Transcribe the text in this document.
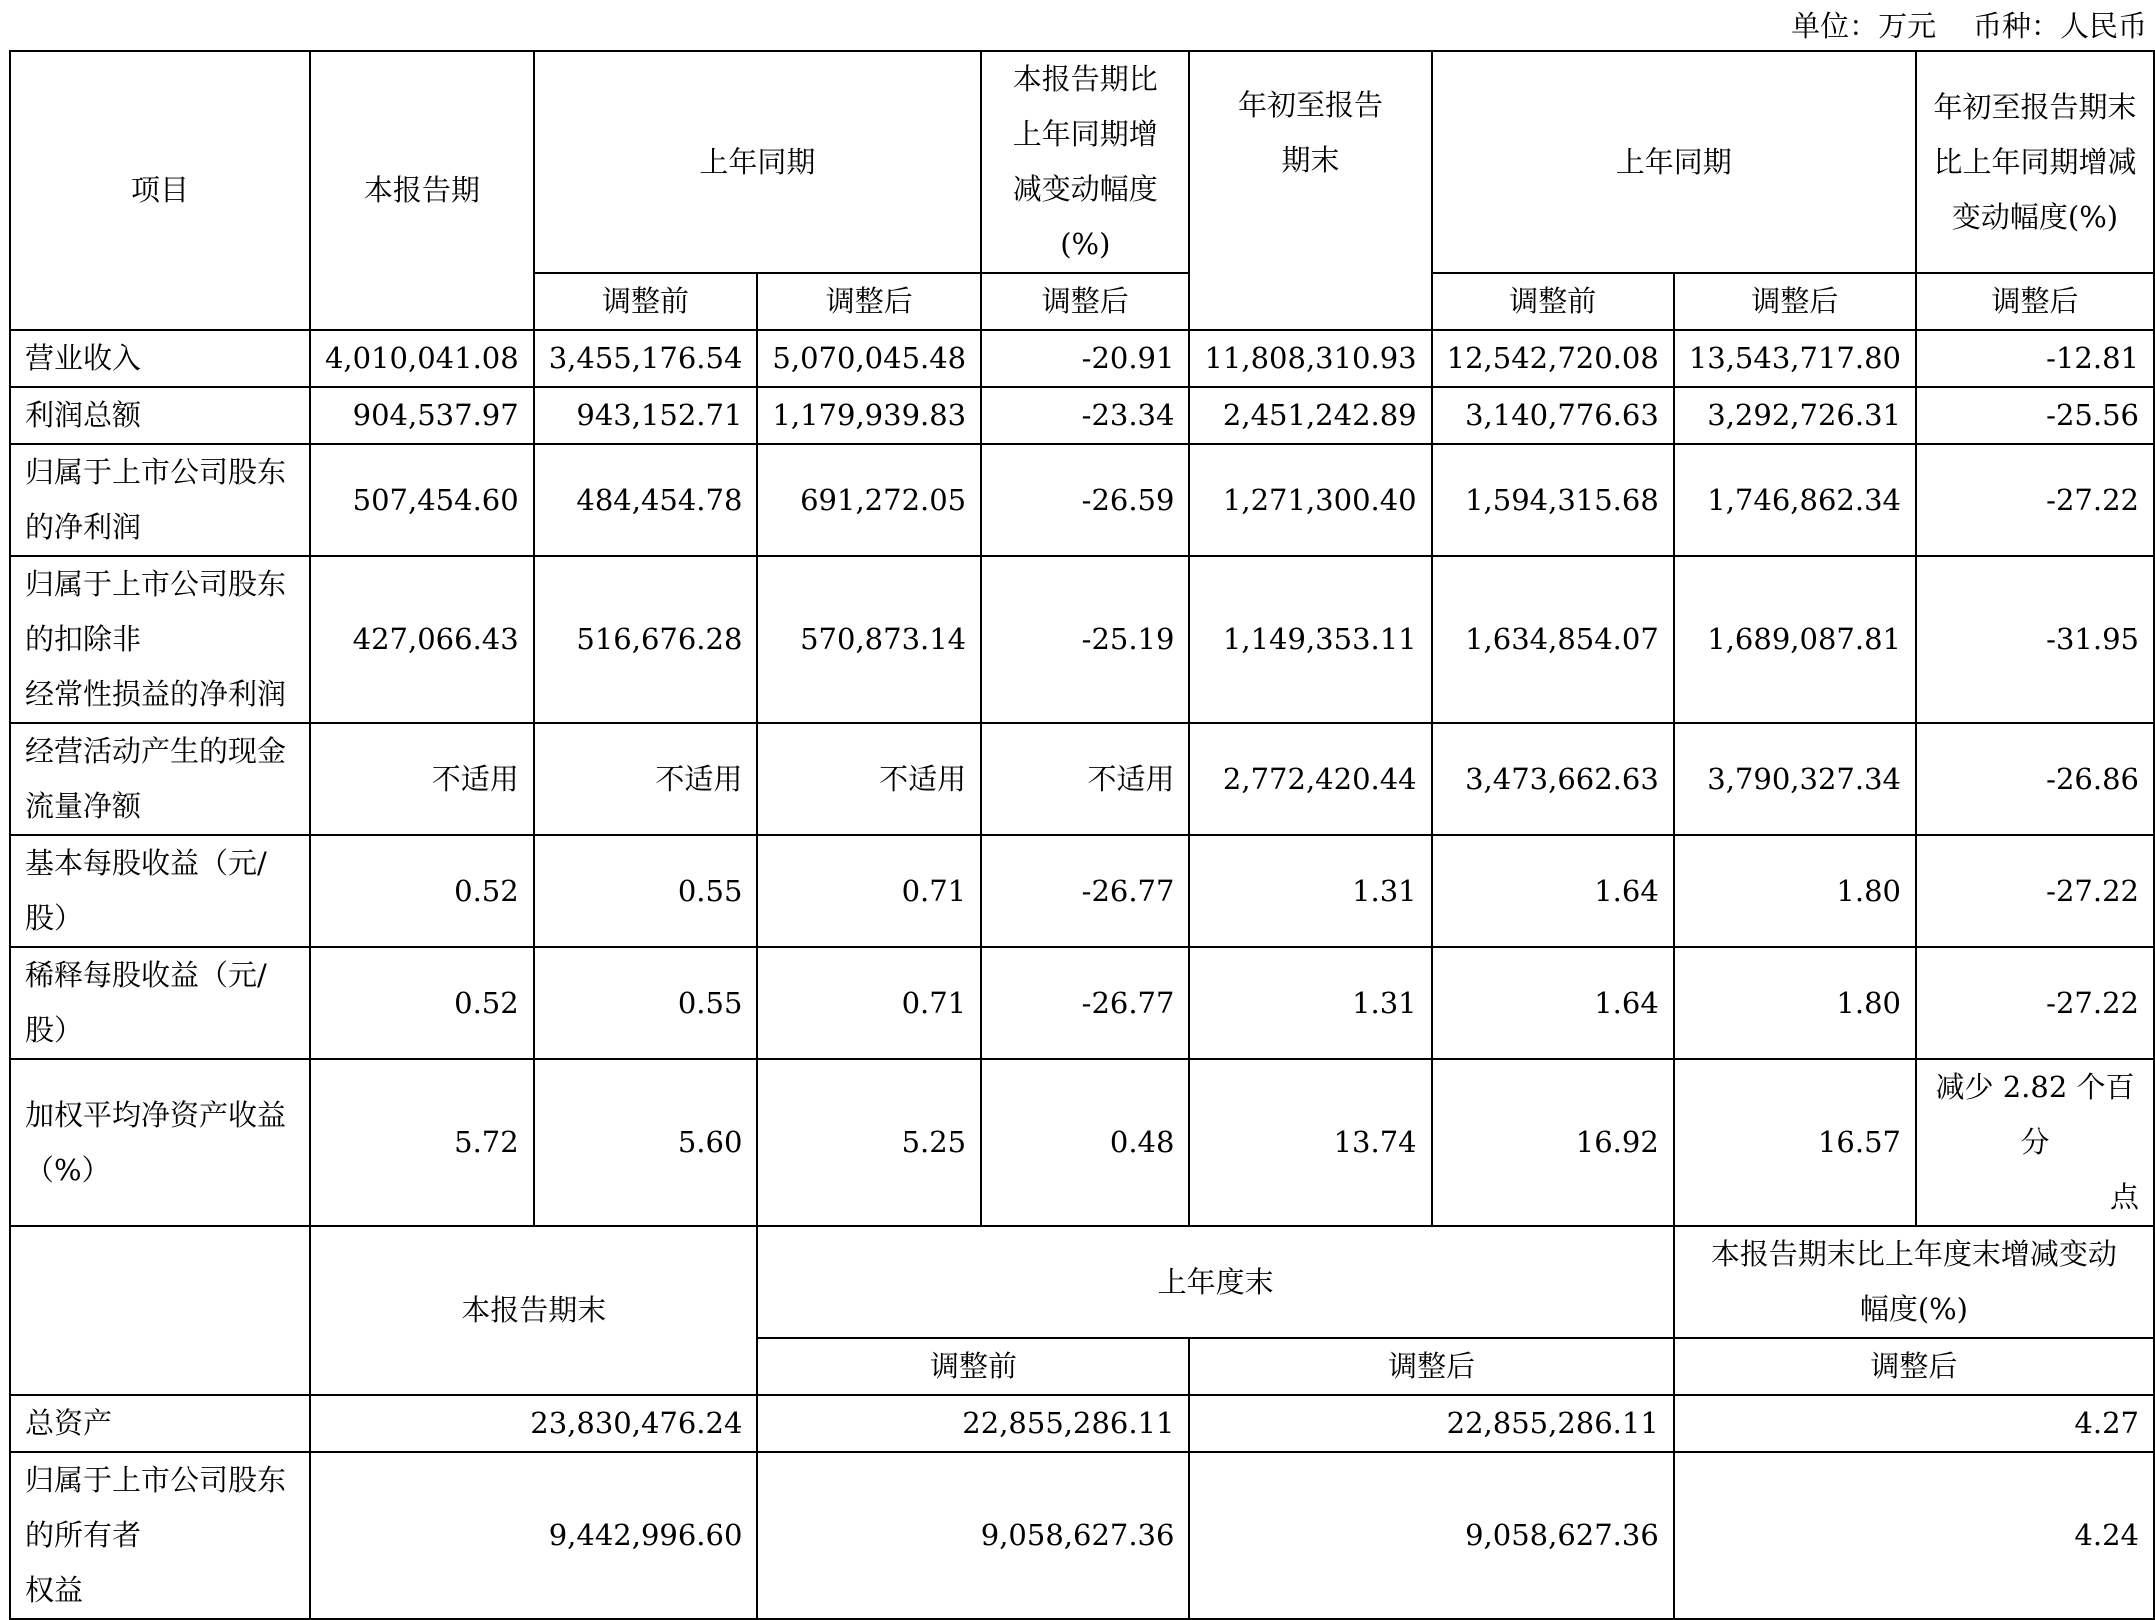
单位：万元    币种：人民币
项目	本报告期	上年同期		本报告期比上年同期增减变动幅度(%)	年初至报告期末	上年同期		年初至报告期末比上年同期增减变动幅度(%)

		调整前	调整后	调整后		调整前	调整后	调整后
营业收入	4,010,041.08	3,455,176.54	5,070,045.48	-20.91	11,808,310.93	12,542,720.08	13,543,717.80	-12.81
利润总额	904,537.97	943,152.71	1,179,939.83	-23.34	2,451,242.89	3,140,776.63	3,292,726.31	-25.56
归属于上市公司股东的净利润	507,454.60	484,454.78	691,272.05	-26.59	1,271,300.40	1,594,315.68	1,746,862.34	-27.22

归属于上市公司股东的扣除非
经常性损益的净利润	427,066.43	516,676.28	570,873.14	-25.19	1,149,353.11	1,634,854.07	1,689,087.81	-31.95
经营活动产生的现金流量净额	不适用	不适用	不适用	不适用	2,772,420.44	3,473,662.63	3,790,327.34	-26.86
基本每股收益（元/股）	0.52	0.55	0.71	-26.77	1.31	1.64	1.80	-27.22
稀释每股收益（元/股）	0.52	0.55	0.71	-26.77	1.31	1.64	1.80	-27.22
加权平均净资产收益（%）	5.72	5.60	5.25	0.48	13.74	16.92	16.57	减少 2.82 个百分
点

	本报告期末		上年度末				本报告期末比上年度末增减变动幅度(%)	

			调整前		调整后		调整后	
总资产	23,830,476.24		22,855,286.11		22,855,286.11		4.27	

归属于上市公司股东的所有者
权益	9,442,996.60		9,058,627.36		9,058,627.36		4.24	
